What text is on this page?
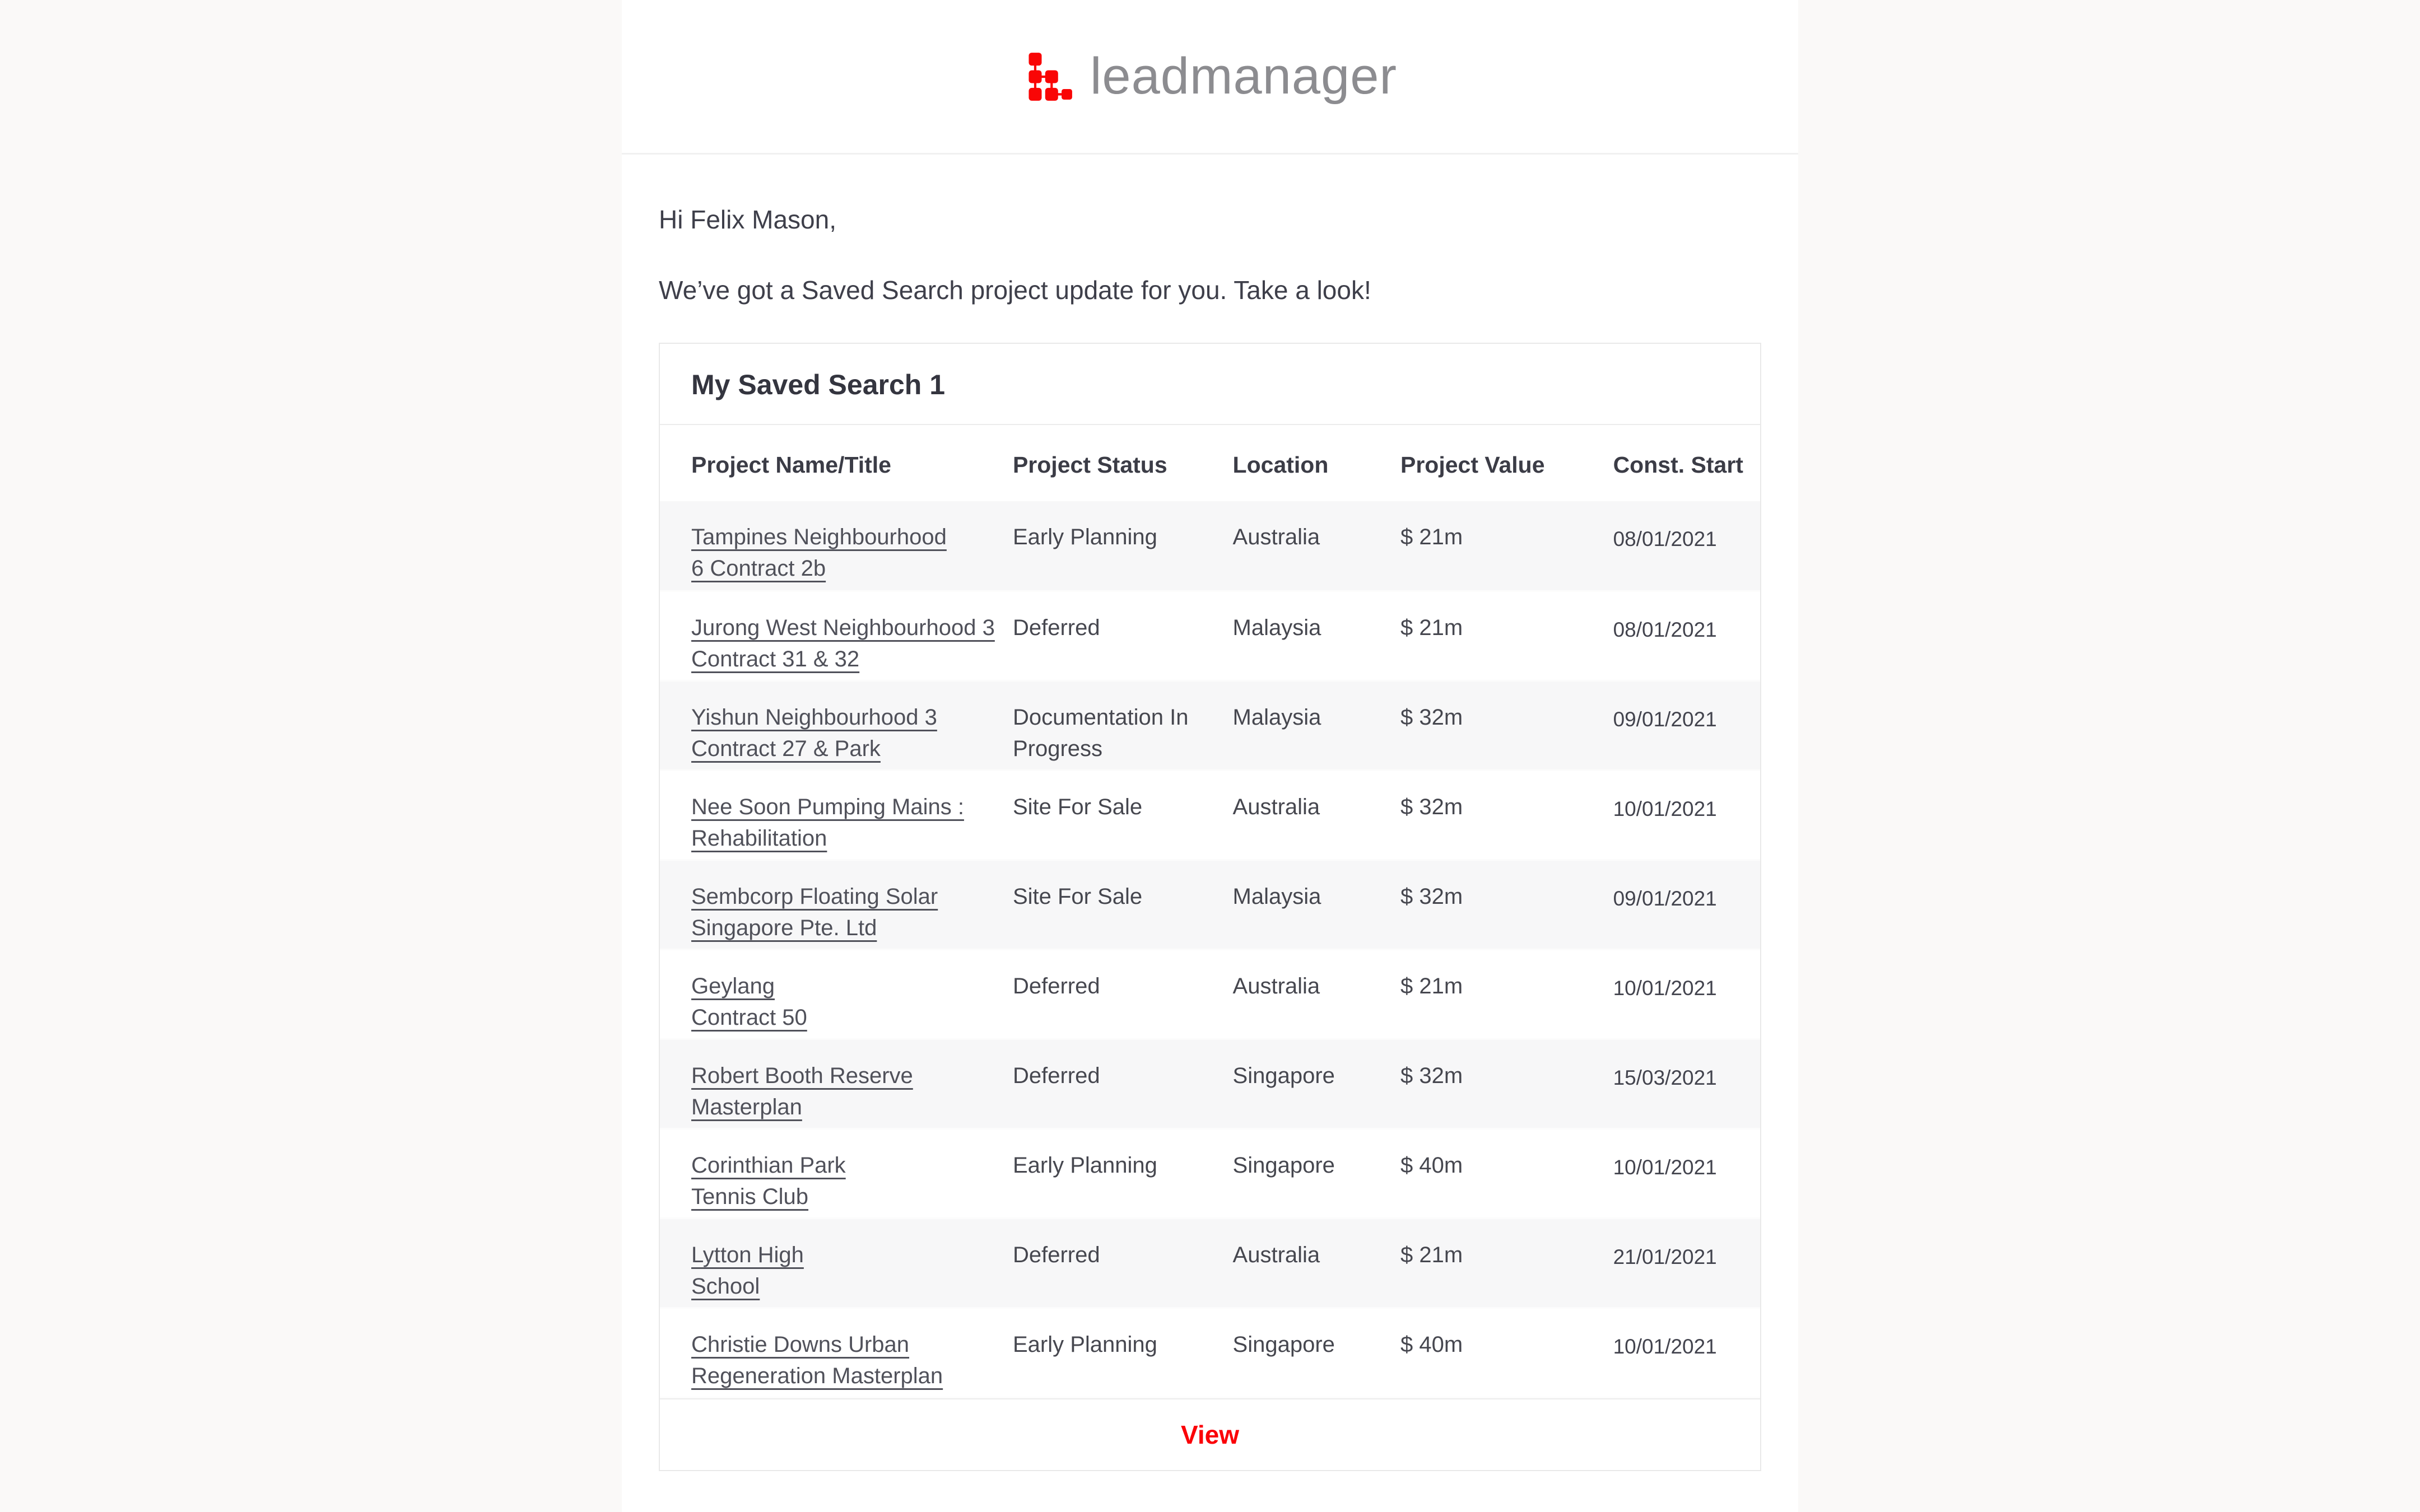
leadmanager

Hi Felix Mason,

We’ve got a Saved Search project update for you. Take a look!

My Saved Search 1
Project Name/Title	Project Status	Location	Project Value	Const. Start
Tampines Neighbourhood
6 Contract 2b	Early Planning	Australia	$ 21m	08/01/2021
Jurong West Neighbourhood 3
Contract 31 & 32	Deferred	Malaysia	$ 21m	08/01/2021
Yishun Neighbourhood 3
Contract 27 & Park	Documentation In Progress	Malaysia	$ 32m	09/01/2021
Nee Soon Pumping Mains :
Rehabilitation	Site For Sale	Australia	$ 32m	10/01/2021
Sembcorp Floating Solar
Singapore Pte. Ltd	Site For Sale	Malaysia	$ 32m	09/01/2021
Geylang
Contract 50	Deferred	Australia	$ 21m	10/01/2021
Robert Booth Reserve
Masterplan	Deferred	Singapore	$ 32m	15/03/2021
Corinthian Park
Tennis Club	Early Planning	Singapore	$ 40m	10/01/2021
Lytton High
School	Deferred	Australia	$ 21m	21/01/2021
Christie Downs Urban
Regeneration Masterplan	Early Planning	Singapore	$ 40m	10/01/2021
View
